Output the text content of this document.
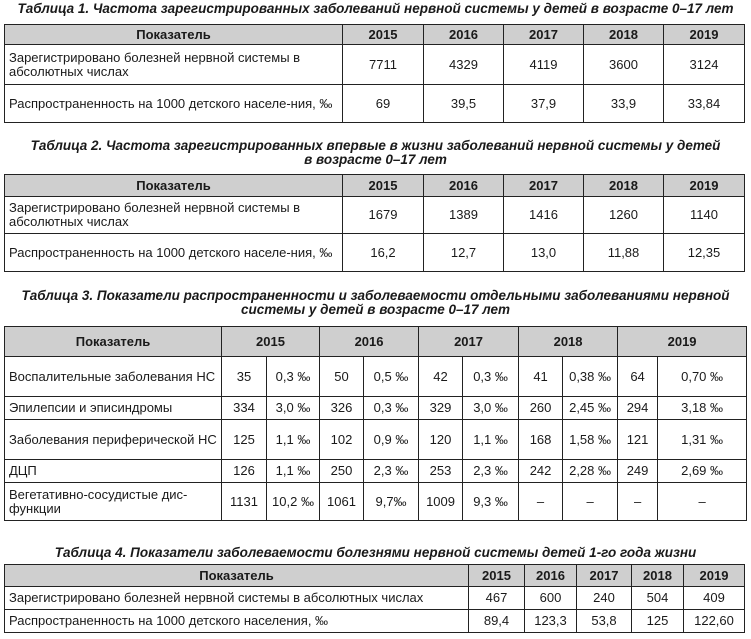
Таблица 1. Частота зарегистрированных заболеваний нервной системы у детей в возрасте 0–17 лет
Показатель	2015	2016	2017	2018	2019
Зарегистрировано болезней нервной системы в абсолютных числах	7711	4329	4119	3600	3124
Распространенность на 1000 детского населе-ния, ‰	69	39,5	37,9	33,9	33,84
Таблица 2. Частота зарегистрированных впервые в жизни заболеваний нервной системы у детей
в возрасте 0–17 лет
Показатель	2015	2016	2017	2018	2019
Зарегистрировано болезней нервной системы в абсолютных числах	1679	1389	1416	1260	1140
Распространенность на 1000 детского населе-ния, ‰	16,2	12,7	13,0	11,88	12,35
Таблица 3. Показатели распространенности и заболеваемости отдельными заболеваниями нервной
системы у детей в возрасте 0–17 лет
Показатель	2015		2016		2017		2018		2019	
Воспалительные заболевания НС	35	0,3 ‰	50	0,5 ‰	42	0,3 ‰	41	0,38 ‰	64	0,70 ‰
Эпилепсии и эписиндромы	334	3,0 ‰	326	0,3 ‰	329	3,0 ‰	260	2,45 ‰	294	3,18 ‰
Заболевания периферической НС	125	1,1 ‰	102	0,9 ‰	120	1,1 ‰	168	1,58 ‰	121	1,31 ‰
ДЦП	126	1,1 ‰	250	2,3 ‰	253	2,3 ‰	242	2,28 ‰	249	2,69 ‰
Вегетативно-сосудистые дис-функции	1131	10,2 ‰	1061	9,7‰	1009	9,3 ‰	–	–	–	–
Таблица 4. Показатели заболеваемости болезнями нервной системы детей 1-го года жизни
Показатель	2015	2016	2017	2018	2019
Зарегистрировано болезней нервной системы в абсолютных числах	467	600	240	504	409
Распространенность на 1000 детского населения, ‰	89,4	123,3	53,8	125	122,60
